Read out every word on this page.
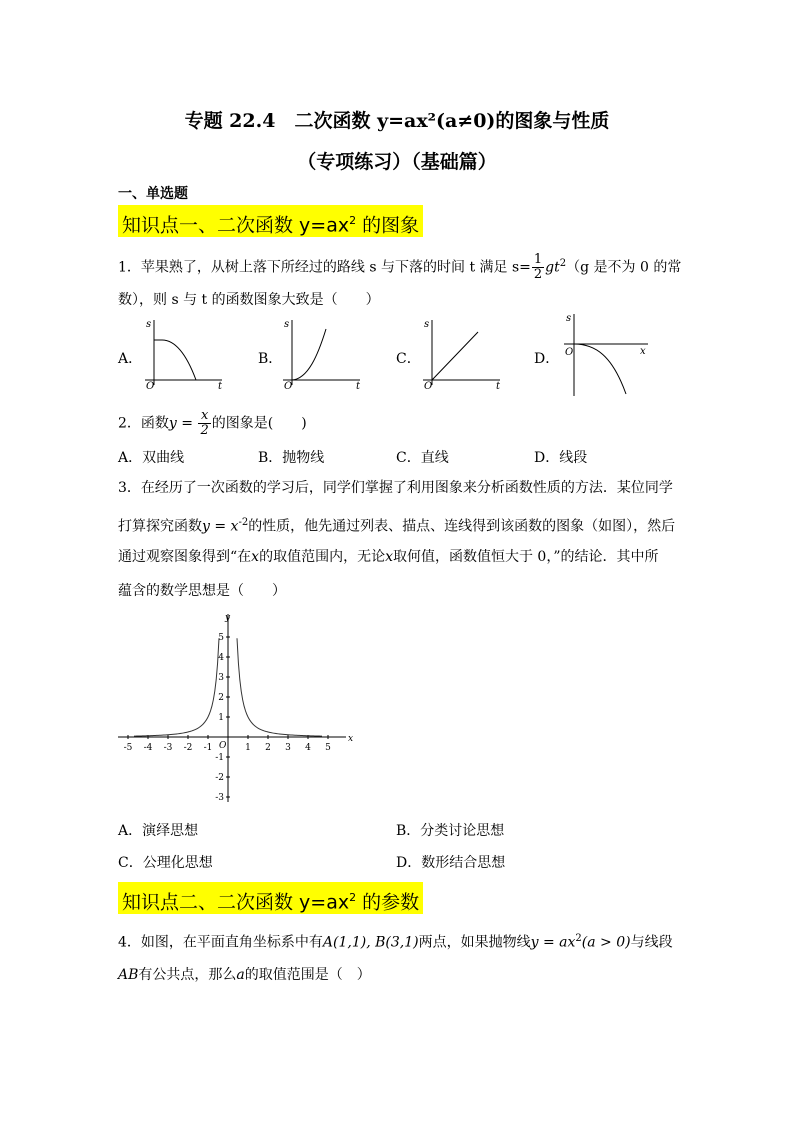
专题 22.4　二次函数 y=ax²(a≠0)的图象与性质
（专项练习）（基础篇）
一、单选题
知识点一、二次函数 $y=ax^2$ 的图象
1．苹果熟了，从树上落下所经过的路线 s 与下落的时间 t 满足 $s= \frac{1}{2} gt^2(g$ 是不为 0 的常
数），则 s 与 t 的函数图象大致是（　　）
A．
s
t
O
B．
s
t
O
C．
s
t
O
D．
s
x
O
2．函数$y = \frac{x}{2}$ 的图象是(　　)
A．双曲线	B．抛物线	C．直线	D．线段
3．在经历了一次函数的学习后，同学们掌握了利用图象来分析函数性质的方法．某位同学
打算探究函数$y = x^{-2}$的性质，他先通过列表、描点、连线得到该函数的图象（如图），然后
通过观察图象得到“在x的取值范围内，无论x取何值，函数值恒大于 0，”的结论．其中所
蕴含的数学思想是（　　）
x
y
O
-5 -4 -3 -2 -1	1 2 3 4 5
5
4
3
2
1
-1
-2
-3
A．演绎思想	B．分类讨论思想
C．公理化思想	D．数形结合思想
知识点二、二次函数 $y=ax^2$ 的参数
4．如图，在平面直角坐标系中有A(1,1), B(3,1)两点，如果抛物线$y = ax^2(a > 0)$与线段
AB有公共点，那么a的取值范围是（　）
